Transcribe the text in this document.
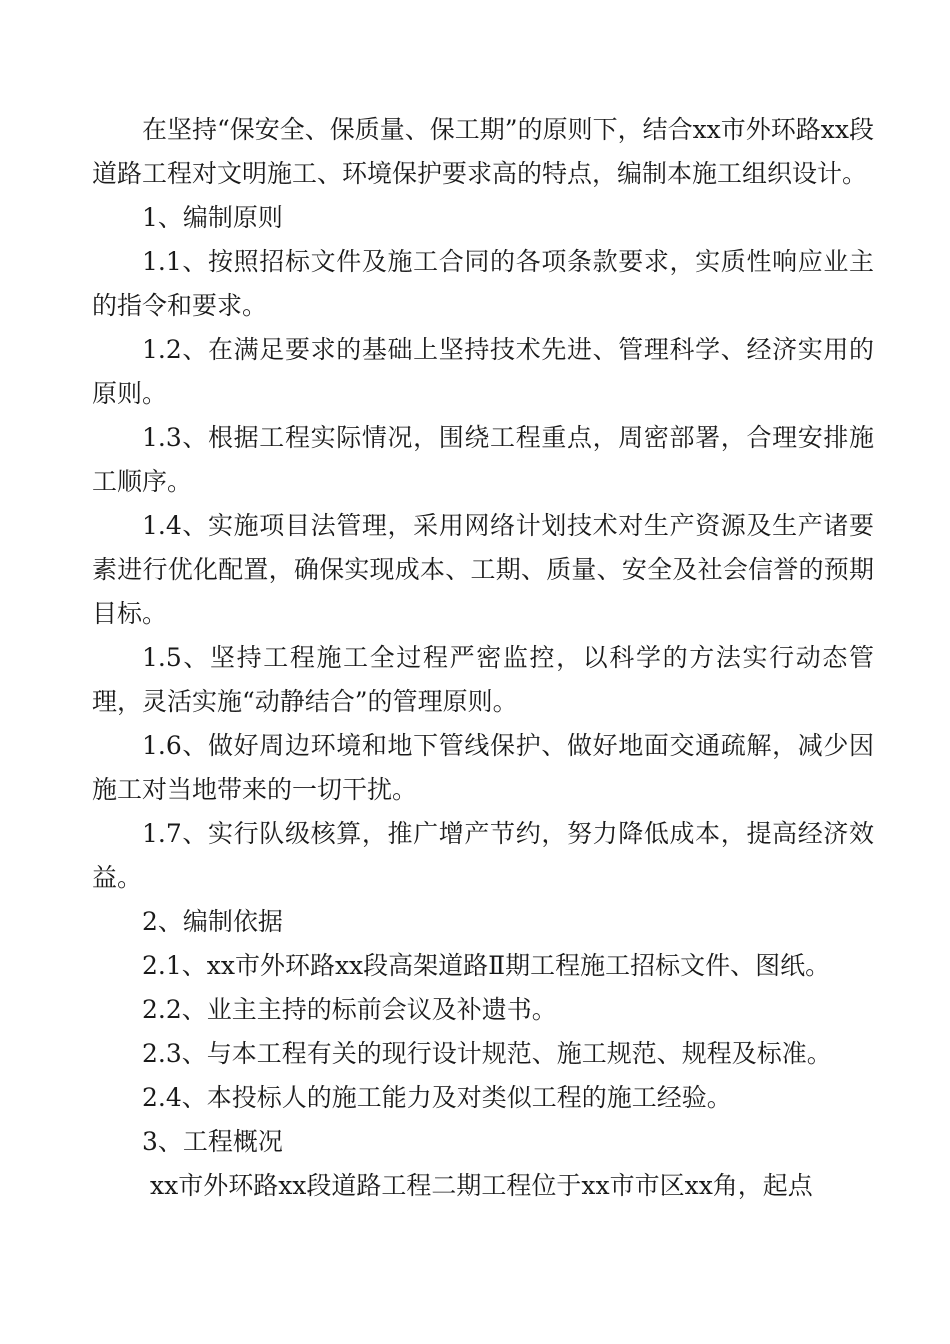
在坚持“保安全、保质量、保工期”的原则下，结合xx市外环路xx段道路工程对文明施工、环境保护要求高的特点，编制本施工组织设计。

1、编制原则

1.1、按照招标文件及施工合同的各项条款要求，实质性响应业主的指令和要求。

1.2、在满足要求的基础上坚持技术先进、管理科学、经济实用的原则。

1.3、根据工程实际情况，围绕工程重点，周密部署，合理安排施工顺序。

1.4、实施项目法管理，采用网络计划技术对生产资源及生产诸要素进行优化配置，确保实现成本、工期、质量、安全及社会信誉的预期目标。

1.5、坚持工程施工全过程严密监控，以科学的方法实行动态管理，灵活实施“动静结合”的管理原则。

1.6、做好周边环境和地下管线保护、做好地面交通疏解，减少因施工对当地带来的一切干扰。

1.7、实行队级核算，推广增产节约，努力降低成本，提高经济效益。

2、编制依据

2.1、xx市外环路xx段高架道路Ⅱ期工程施工招标文件、图纸。

2.2、业主主持的标前会议及补遗书。

2.3、与本工程有关的现行设计规范、施工规范、规程及标准。

2.4、本投标人的施工能力及对类似工程的施工经验。

3、工程概况

xx市外环路xx段道路工程二期工程位于xx市市区xx角，起点
